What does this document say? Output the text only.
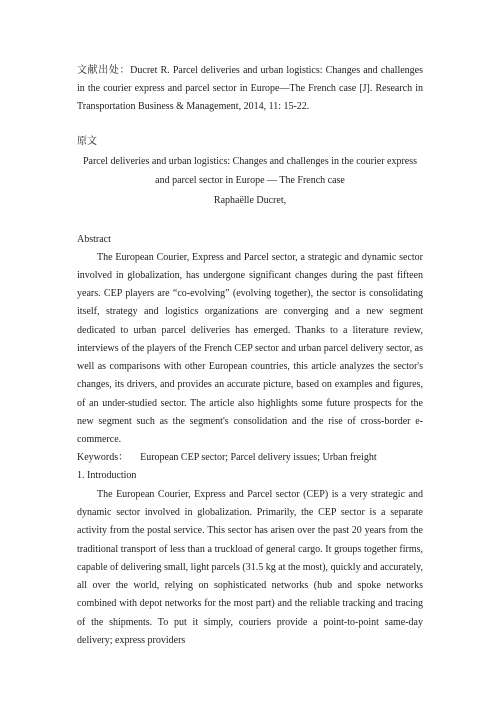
文献出处：Ducret R. Parcel deliveries and urban logistics: Changes and challenges in the courier express and parcel sector in Europe—The French case [J]. Research in Transportation Business & Management, 2014, 11: 15-22.

原文

Parcel deliveries and urban logistics: Changes and challenges in the courier express

and parcel sector in Europe — The French case

Raphaëlle Ducret,

Abstract

The European Courier, Express and Parcel sector, a strategic and dynamic sector involved in globalization, has undergone significant changes during the past fifteen years. CEP players are “co-evolving” (evolving together), the sector is consolidating itself, strategy and logistics organizations are converging and a new segment dedicated to urban parcel deliveries has emerged. Thanks to a literature review, interviews of the players of the French CEP sector and urban parcel delivery sector, as well as comparisons with other European countries, this article analyzes the sector's changes, its drivers, and provides an accurate picture, based on examples and figures, of an under-studied sector. The article also highlights some future prospects for the new segment such as the segment's consolidation and the rise of cross-border e-commerce.

Keywords： European CEP sector; Parcel delivery issues; Urban freight

1. Introduction

The European Courier, Express and Parcel sector (CEP) is a very strategic and dynamic sector involved in globalization. Primarily, the CEP sector is a separate activity from the postal service. This sector has arisen over the past 20 years from the traditional transport of less than a truckload of general cargo. It groups together firms, capable of delivering small, light parcels (31.5 kg at the most), quickly and accurately, all over the world, relying on sophisticated networks (hub and spoke networks combined with depot networks for the most part) and the reliable tracking and tracing of the shipments. To put it simply, couriers provide a point-to-point same-day delivery; express providers
